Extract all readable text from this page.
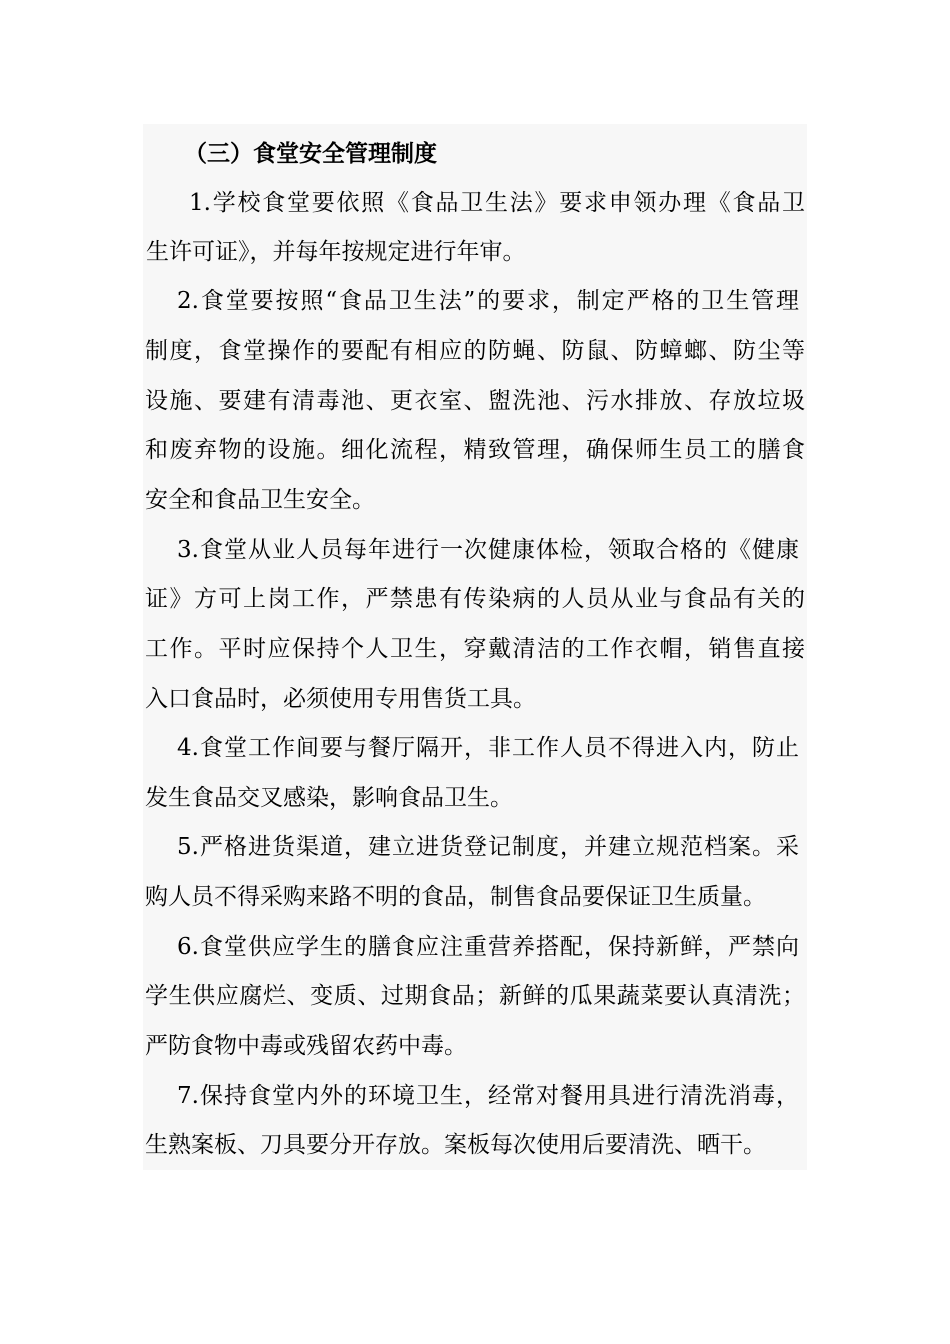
（三）食堂安全管理制度
1.学校食堂要依照《食品卫生法》要求申领办理《食品卫
生许可证》，并每年按规定进行年审。
2.食堂要按照“食品卫生法”的要求，制定严格的卫生管理
制度，食堂操作的要配有相应的防蝇、防鼠、防蟑螂、防尘等
设施、要建有清毒池、更衣室、盥洗池、污水排放、存放垃圾
和废弃物的设施。细化流程，精致管理，确保师生员工的膳食
安全和食品卫生安全。
3.食堂从业人员每年进行一次健康体检，领取合格的《健康
证》方可上岗工作，严禁患有传染病的人员从业与食品有关的
工作。平时应保持个人卫生，穿戴清洁的工作衣帽，销售直接
入口食品时，必须使用专用售货工具。
4.食堂工作间要与餐厅隔开，非工作人员不得进入内，防止
发生食品交叉感染，影响食品卫生。
5.严格进货渠道，建立进货登记制度，并建立规范档案。采
购人员不得采购来路不明的食品，制售食品要保证卫生质量。
6.食堂供应学生的膳食应注重营养搭配，保持新鲜，严禁向
学生供应腐烂、变质、过期食品；新鲜的瓜果蔬菜要认真清洗；
严防食物中毒或残留农药中毒。
7.保持食堂内外的环境卫生，经常对餐用具进行清洗消毒，
生熟案板、刀具要分开存放。案板每次使用后要清洗、晒干。
